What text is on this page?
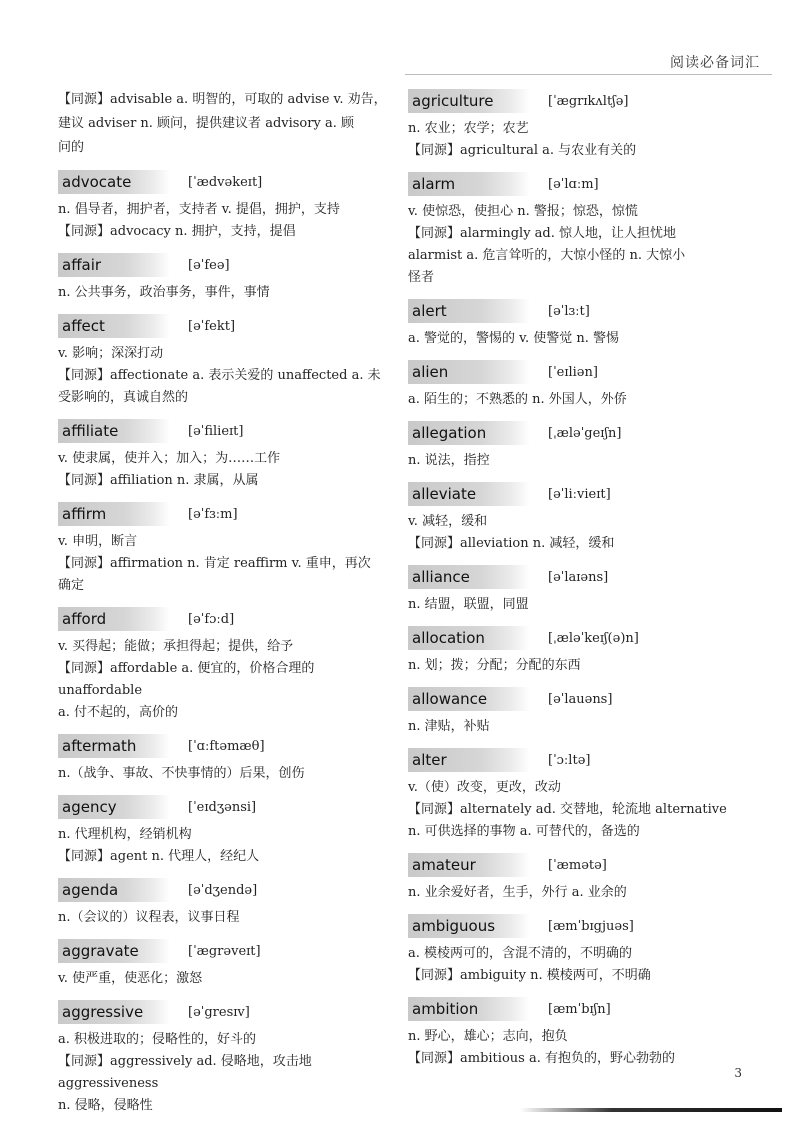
阅读必备词汇
【同源】advisable a. 明智的，可取的 advise v. 劝告，
建议 adviser n. 顾问，提供建议者 advisory a. 顾
问的
advocate	[ˈædvəkeɪt]
n. 倡导者，拥护者，支持者 v. 提倡，拥护，支持
【同源】advocacy n. 拥护，支持，提倡
affair	[əˈfeə]
n. 公共事务，政治事务，事件，事情
affect	[əˈfekt]
v. 影响；深深打动
【同源】affectionate a. 表示关爱的 unaffected a. 未
受影响的，真诚自然的
affiliate	[əˈfilieɪt]
v. 使隶属，使并入；加入；为……工作
【同源】affiliation n. 隶属，从属
affirm	[əˈfɜːm]
v. 申明，断言
【同源】affirmation n. 肯定 reaffirm v. 重申，再次
确定
afford	[əˈfɔːd]
v. 买得起；能做；承担得起；提供，给予
【同源】affordable a. 便宜的，价格合理的 unaffordable
a. 付不起的，高价的
aftermath	[ˈɑːftəmæθ]
n.（战争、事故、不快事情的）后果，创伤
agency	[ˈeɪdʒənsi]
n. 代理机构，经销机构
【同源】agent n. 代理人，经纪人
agenda	[əˈdʒendə]
n.（会议的）议程表，议事日程
aggravate	[ˈægrəveɪt]
v. 使严重，使恶化；激怒
aggressive	[əˈgresɪv]
a. 积极进取的；侵略性的，好斗的
【同源】aggressively ad. 侵略地，攻击地 aggressiveness
n. 侵略，侵略性
agriculture	[ˈægrɪkʌltʃə]
n. 农业；农学；农艺
【同源】agricultural a. 与农业有关的
alarm	[əˈlɑːm]
v. 使惊恐，使担心 n. 警报；惊恐，惊慌
【同源】alarmingly ad. 惊人地，让人担忧地
alarmist a. 危言耸听的，大惊小怪的 n. 大惊小
怪者
alert	[əˈlɜːt]
a. 警觉的，警惕的 v. 使警觉 n. 警惕
alien	[ˈeɪliən]
a. 陌生的；不熟悉的 n. 外国人，外侨
allegation	[ˌæləˈgeɪʃn]
n. 说法，指控
alleviate	[əˈliːvieɪt]
v. 减轻，缓和
【同源】alleviation n. 减轻，缓和
alliance	[əˈlaɪəns]
n. 结盟，联盟，同盟
allocation	[ˌæləˈkeɪʃ(ə)n]
n. 划；拨；分配；分配的东西
allowance	[əˈlauəns]
n. 津贴，补贴
alter	[ˈɔːltə]
v.（使）改变，更改，改动
【同源】alternately ad. 交替地，轮流地 alternative
n. 可供选择的事物 a. 可替代的，备选的
amateur	[ˈæmətə]
n. 业余爱好者，生手，外行 a. 业余的
ambiguous	[æmˈbɪgjuəs]
a. 模棱两可的，含混不清的，不明确的
【同源】ambiguity n. 模棱两可，不明确
ambition	[æmˈbɪʃn]
n. 野心，雄心；志向，抱负
【同源】ambitious a. 有抱负的，野心勃勃的
3
